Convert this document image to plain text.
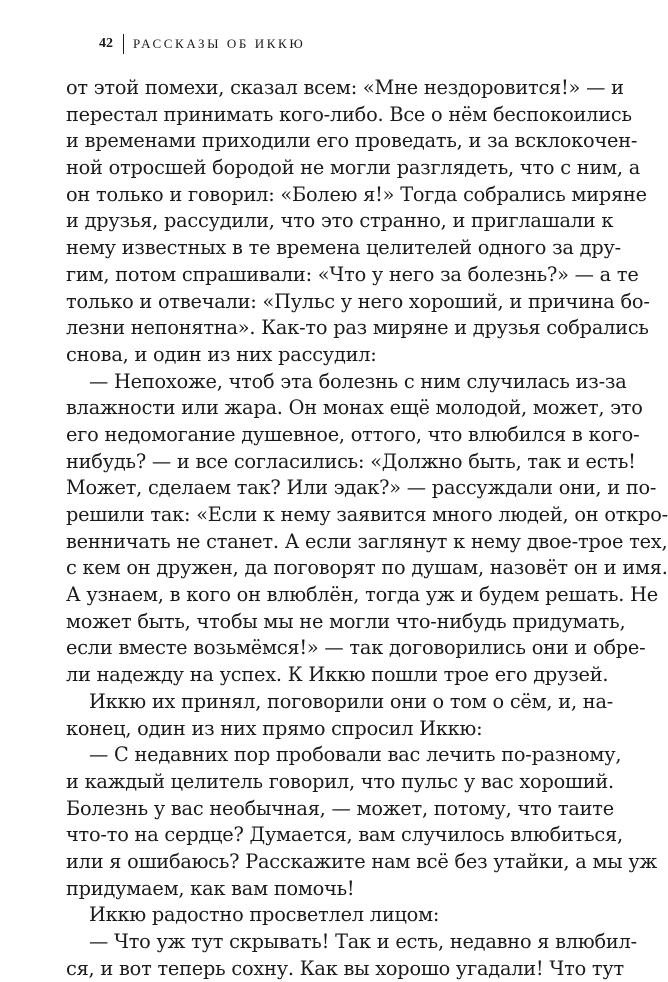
42 РАССКАЗЫ ОБ ИККЮ
от этой помехи, сказал всем: «Мне нездоровится!» — и
перестал принимать кого-либо. Все о нём беспокоились
и временами приходили его проведать, и за всклокочен-
ной отросшей бородой не могли разглядеть, что с ним, а
он только и говорил: «Болею я!» Тогда собрались миряне
и друзья, рассудили, что это странно, и приглашали к
нему известных в те времена целителей одного за дру-
гим, потом спрашивали: «Что у него за болезнь?» — а те
только и отвечали: «Пульс у него хороший, и причина бо-
лезни непонятна». Как-то раз миряне и друзья собрались
снова, и один из них рассудил:
— Непохоже, чтоб эта болезнь с ним случилась из-за
влажности или жара. Он монах ещё молодой, может, это
его недомогание душевное, оттого, что влюбился в кого-
нибудь? — и все согласились: «Должно быть, так и есть!
Может, сделаем так? Или эдак?» — рассуждали они, и по-
решили так: «Если к нему заявится много людей, он откро-
венничать не станет. А если заглянут к нему двое-трое тех,
с кем он дружен, да поговорят по душам, назовёт он и имя.
А узнаем, в кого он влюблён, тогда уж и будем решать. Не
может быть, чтобы мы не могли что-нибудь придумать,
если вместе возьмёмся!» — так договорились они и обре-
ли надежду на успех. К Иккю пошли трое его друзей.
Иккю их принял, поговорили они о том о сём, и, на-
конец, один из них прямо спросил Иккю:
— С недавних пор пробовали вас лечить по-разному,
и каждый целитель говорил, что пульс у вас хороший.
Болезнь у вас необычная, — может, потому, что таите
что-то на сердце? Думается, вам случилось влюбиться,
или я ошибаюсь? Расскажите нам всё без утайки, а мы уж
придумаем, как вам помочь!
Иккю радостно просветлел лицом:
— Что уж тут скрывать! Так и есть, недавно я влюбил-
ся, и вот теперь сохну. Как вы хорошо угадали! Что тут
